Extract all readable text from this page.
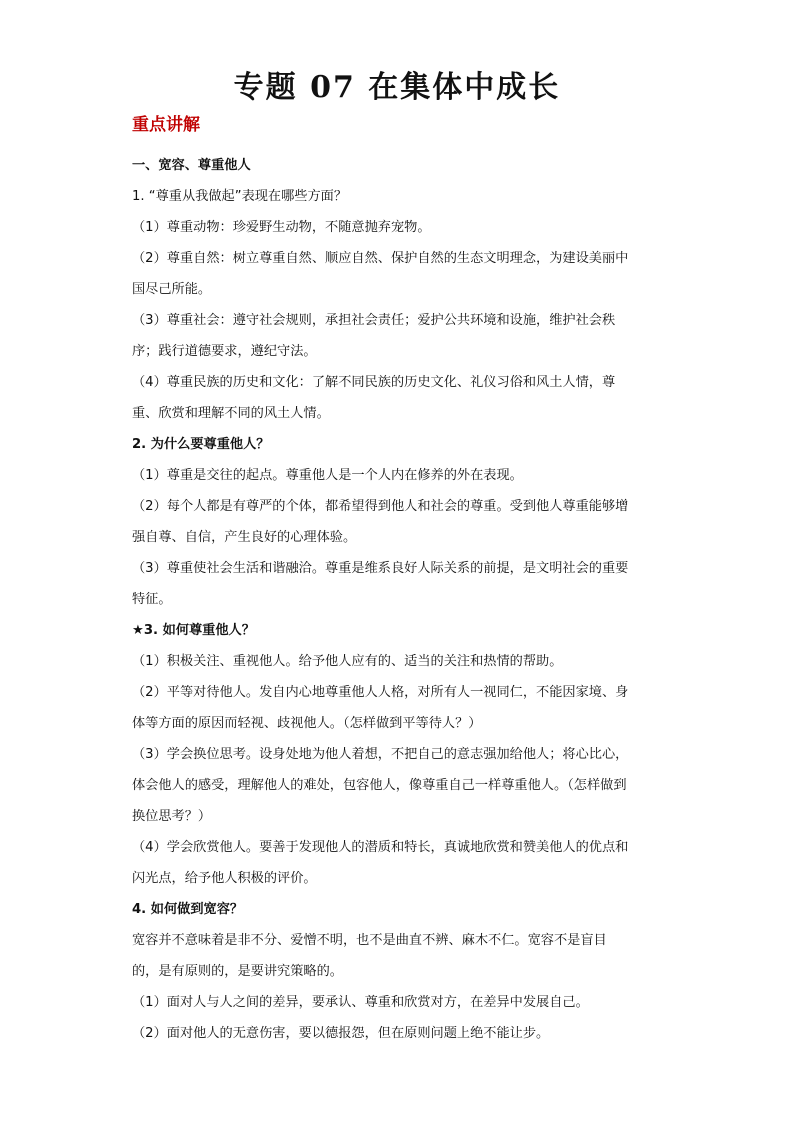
专题 07 在集体中成长
重点讲解
一、宽容、尊重他人
1. “尊重从我做起”表现在哪些方面？
（1）尊重动物：珍爱野生动物，不随意抛弃宠物。
（2）尊重自然：树立尊重自然、顺应自然、保护自然的生态文明理念，为建设美丽中
国尽己所能。
（3）尊重社会：遵守社会规则，承担社会责任；爱护公共环境和设施，维护社会秩
序；践行道德要求，遵纪守法。
（4）尊重民族的历史和文化：了解不同民族的历史文化、礼仪习俗和风土人情，尊
重、欣赏和理解不同的风土人情。
2. 为什么要尊重他人？
（1）尊重是交往的起点。尊重他人是一个人内在修养的外在表现。
（2）每个人都是有尊严的个体，都希望得到他人和社会的尊重。受到他人尊重能够增
强自尊、自信，产生良好的心理体验。
（3）尊重使社会生活和谐融洽。尊重是维系良好人际关系的前提，是文明社会的重要
特征。
★3. 如何尊重他人？
（1）积极关注、重视他人。给予他人应有的、适当的关注和热情的帮助。
（2）平等对待他人。发自内心地尊重他人人格，对所有人一视同仁，不能因家境、身
体等方面的原因而轻视、歧视他人。（怎样做到平等待人？）
（3）学会换位思考。设身处地为他人着想，不把自己的意志强加给他人；将心比心，
体会他人的感受，理解他人的难处，包容他人，像尊重自己一样尊重他人。（怎样做到
换位思考？）
（4）学会欣赏他人。要善于发现他人的潜质和特长，真诚地欣赏和赞美他人的优点和
闪光点，给予他人积极的评价。
4. 如何做到宽容？
宽容并不意味着是非不分、爱憎不明，也不是曲直不辨、麻木不仁。宽容不是盲目
的，是有原则的，是要讲究策略的。
（1）面对人与人之间的差异，要承认、尊重和欣赏对方，在差异中发展自己。
（2）面对他人的无意伤害，要以德报怨，但在原则问题上绝不能让步。
